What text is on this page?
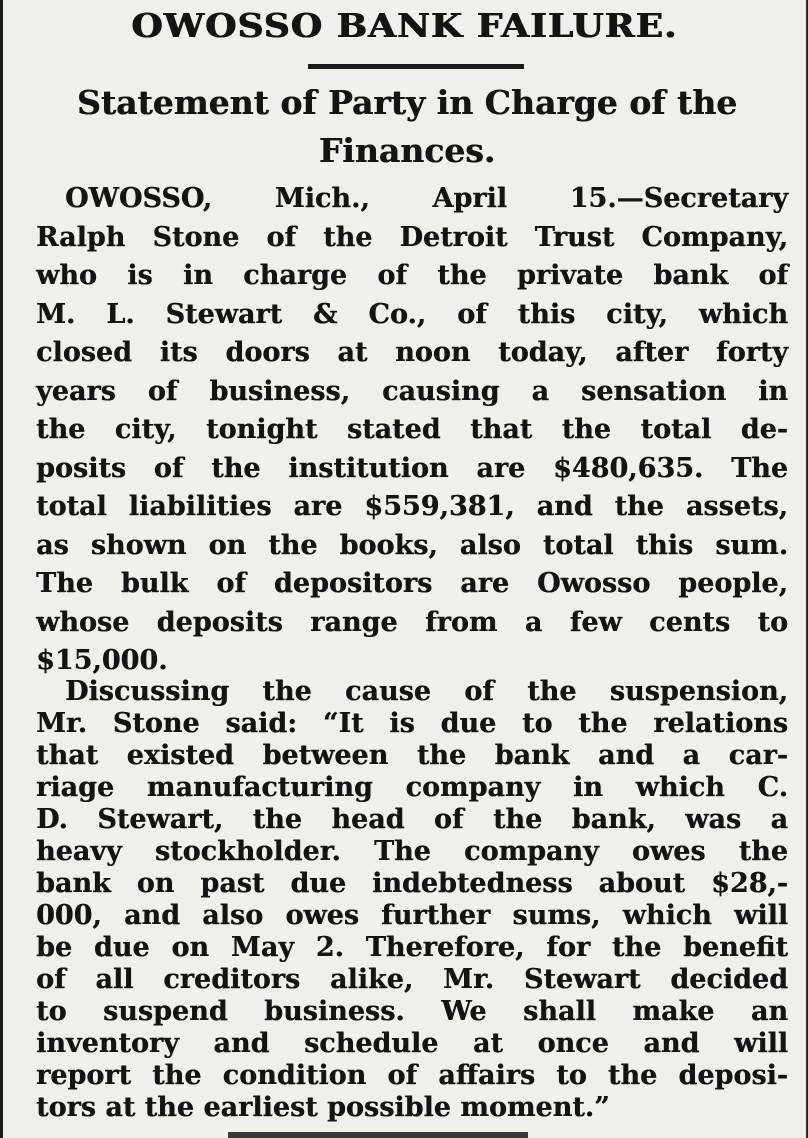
OWOSSO BANK FAILURE.
Statement of Party in Charge of the
Finances.
OWOSSO, Mich., April 15.—Secretary
Ralph Stone of the Detroit Trust Company,
who is in charge of the private bank of
M. L. Stewart & Co., of this city, which
closed its doors at noon today, after forty
years of business, causing a sensation in
the city, tonight stated that the total de-
posits of the institution are $480,635. The
total liabilities are $559,381, and the assets,
as shown on the books, also total this sum.
The bulk of depositors are Owosso people,
whose deposits range from a few cents to
$15,000.
Discussing the cause of the suspension,
Mr. Stone said: “It is due to the relations
that existed between the bank and a car-
riage manufacturing company in which C.
D. Stewart, the head of the bank, was a
heavy stockholder. The company owes the
bank on past due indebtedness about $28,-
000, and also owes further sums, which will
be due on May 2. Therefore, for the benefit
of all creditors alike, Mr. Stewart decided
to suspend business. We shall make an
inventory and schedule at once and will
report the condition of affairs to the deposi-
tors at the earliest possible moment.”
